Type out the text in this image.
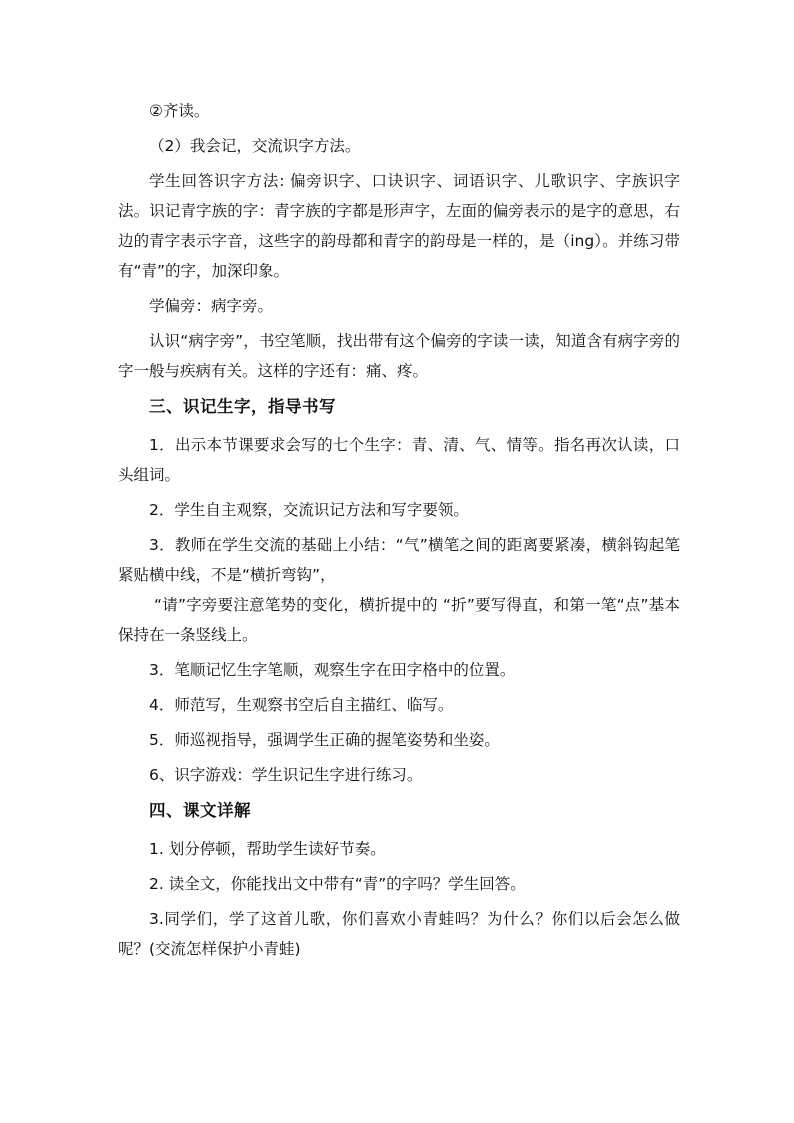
②齐读。

（2）我会记，交流识字方法。

学生回答识字方法: 偏旁识字、口诀识字、词语识字、儿歌识字、字族识字法。识记青字族的字：青字族的字都是形声字，左面的偏旁表示的是字的意思，右边的青字表示字音，这些字的韵母都和青字的韵母是一样的，是（ing）。并练习带有“青”的字，加深印象。

学偏旁：病字旁。

认识“病字旁”，书空笔顺，找出带有这个偏旁的字读一读，知道含有病字旁的字一般与疾病有关。这样的字还有：痛、疼。

三、识记生字，指导书写

1．出示本节课要求会写的七个生字：青、清、气、情等。指名再次认读，口头组词。

2．学生自主观察，交流识记方法和写字要领。

3．教师在学生交流的基础上小结：“气”横笔之间的距离要紧凑，横斜钩起笔紧贴横中线，不是“横折弯钩”，

“请”字旁要注意笔势的变化，横折提中的 “折”要写得直，和第一笔“点”基本保持在一条竖线上。

3．笔顺记忆生字笔顺，观察生字在田字格中的位置。

4．师范写，生观察书空后自主描红、临写。

5．师巡视指导，强调学生正确的握笔姿势和坐姿。

6、识字游戏：学生识记生字进行练习。

四、课文详解

1. 划分停顿，帮助学生读好节奏。

2. 读全文，你能找出文中带有“青”的字吗？学生回答。

3.同学们，学了这首儿歌，你们喜欢小青蛙吗？为什么？你们以后会怎么做呢？(交流怎样保护小青蛙)
